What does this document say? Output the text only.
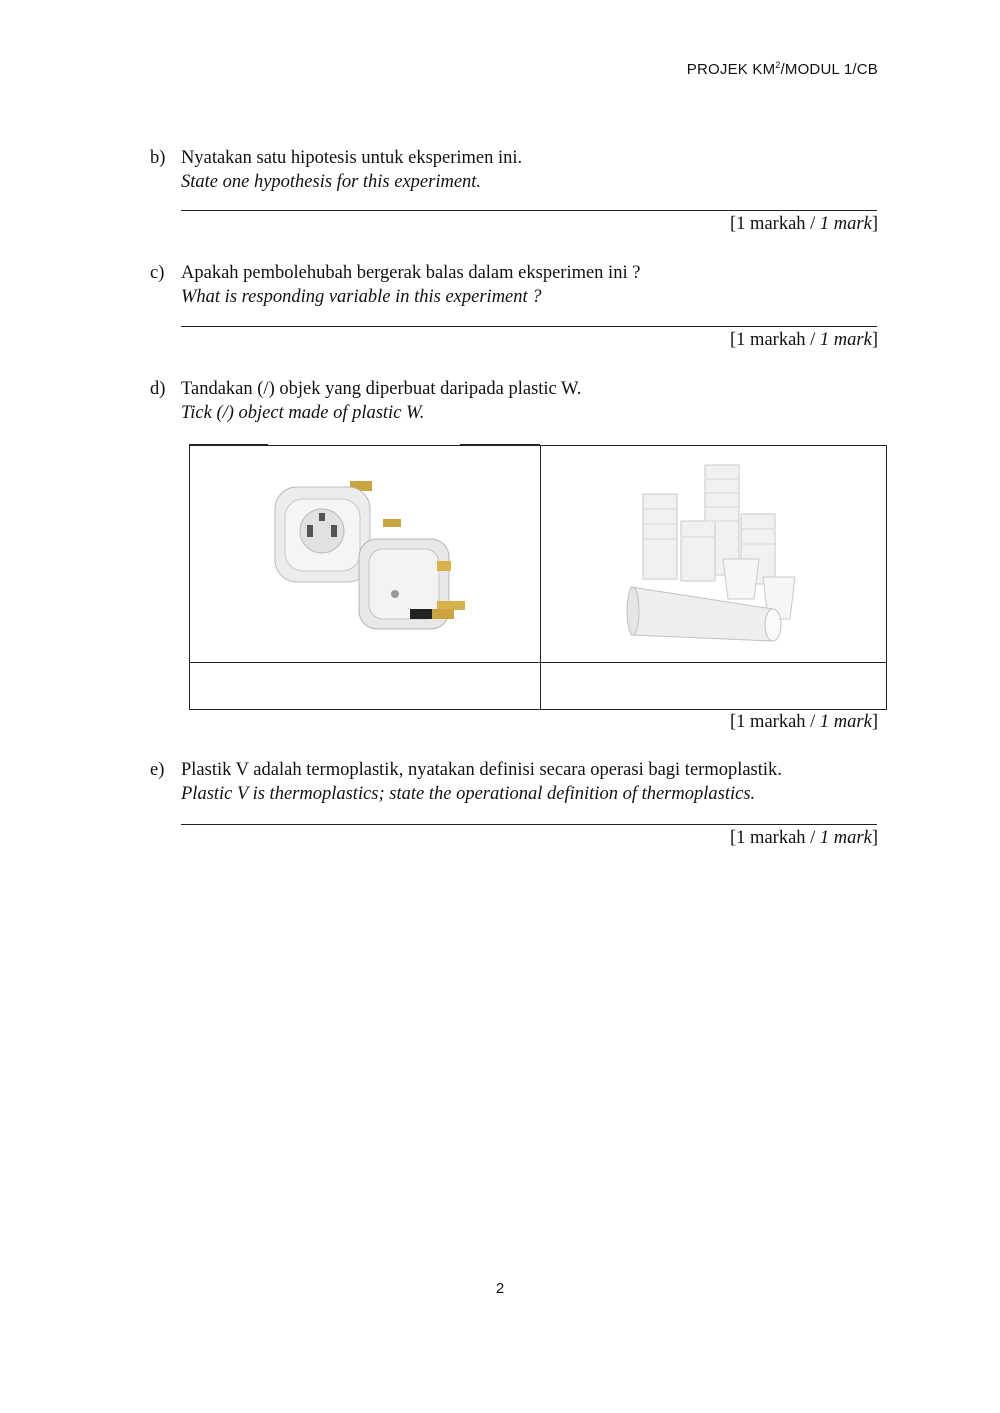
PROJEK $KM^2$/MODUL 1/CB
b) Nyatakan satu hipotesis untuk eksperimen ini.
State one hypothesis for this experiment.
[1 markah / 1 mark]
c) Apakah pembolehubah bergerak balas dalam eksperimen ini ?
What is responding variable in this experiment ?
[1 markah / 1 mark]
d) Tandakan (/) objek yang diperbuat daripada plastic W.
Tick (/) object made of plastic W.

[1 markah / 1 mark]
e) Plastik V adalah termoplastik, nyatakan definisi secara operasi bagi termoplastik.
Plastic V is thermoplastics; state the operational definition of thermoplastics.
[1 markah / 1 mark]
2
